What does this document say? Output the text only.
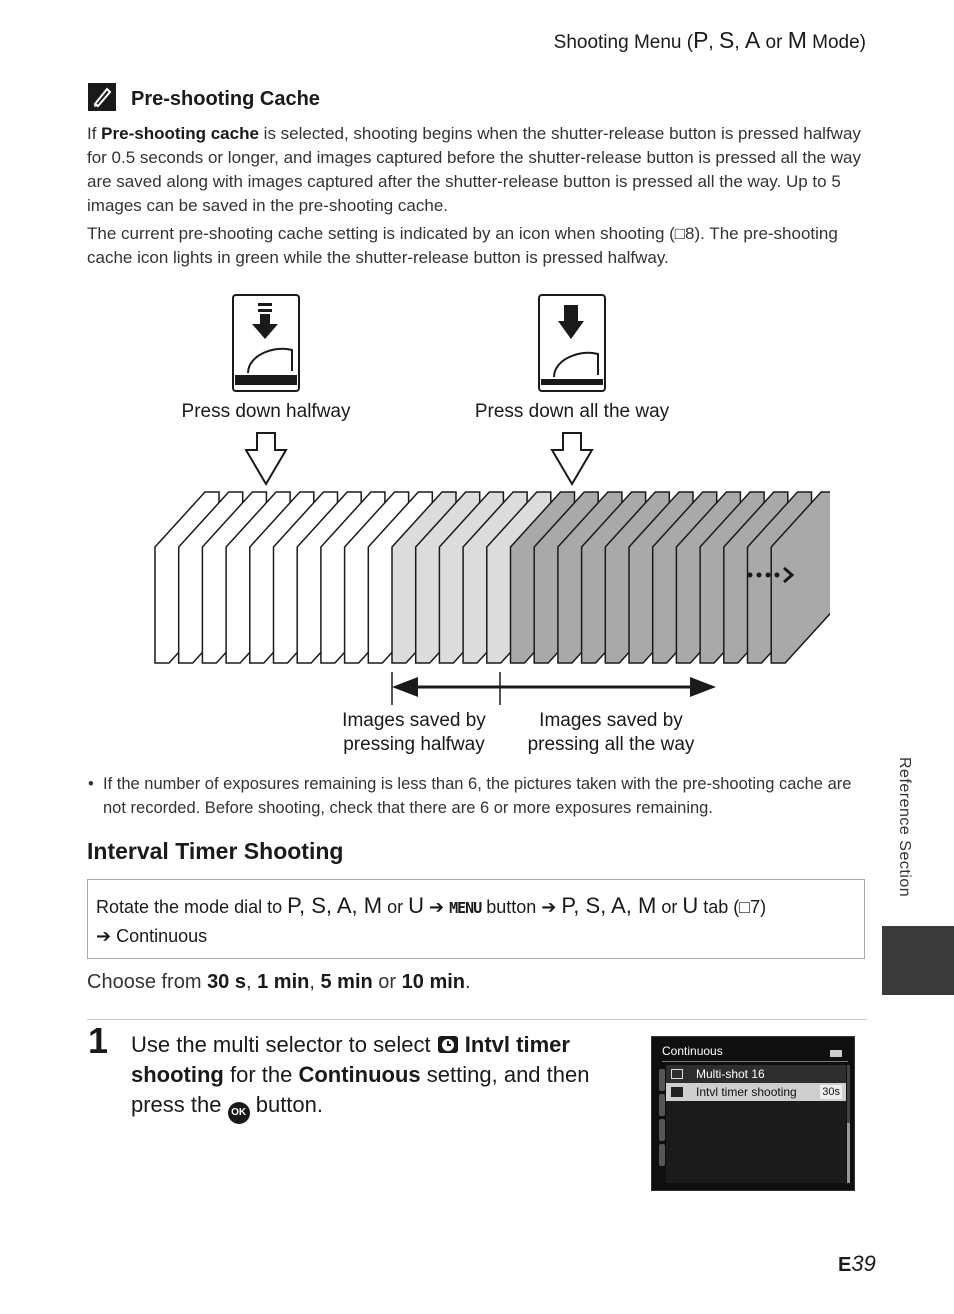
Shooting Menu (P, S, A or M Mode)
Pre-shooting Cache

If Pre-shooting cache is selected, shooting begins when the shutter-release button is pressed halfway for 0.5 seconds or longer, and images captured before the shutter-release button is pressed all the way are saved along with images captured after the shutter-release button is pressed all the way. Up to 5 images can be saved in the pre-shooting cache.

The current pre-shooting cache setting is indicated by an icon when shooting (□8). The pre-shooting cache icon lights in green while the shutter-release button is pressed halfway.

Press down halfway	Press down all the way
Images saved by
pressing halfway
Images saved by
pressing all the way
• If the number of exposures remaining is less than 6, the pictures taken with the pre-shooting cache are not recorded. Before shooting, check that there are 6 or more exposures remaining.
Interval Timer Shooting
Rotate the mode dial to P, S, A, M or U ➔ MENU button ➔ P, S, A, M or U tab (□7)
➔ Continuous
Choose from 30 s, 1 min, 5 min or 10 min.
1 Use the multi selector to select  Intvl timer shooting for the Continuous setting, and then press the OK button.
Continuous
Multi-shot 16
Intvl timer shooting 30s
Reference Section
E39
